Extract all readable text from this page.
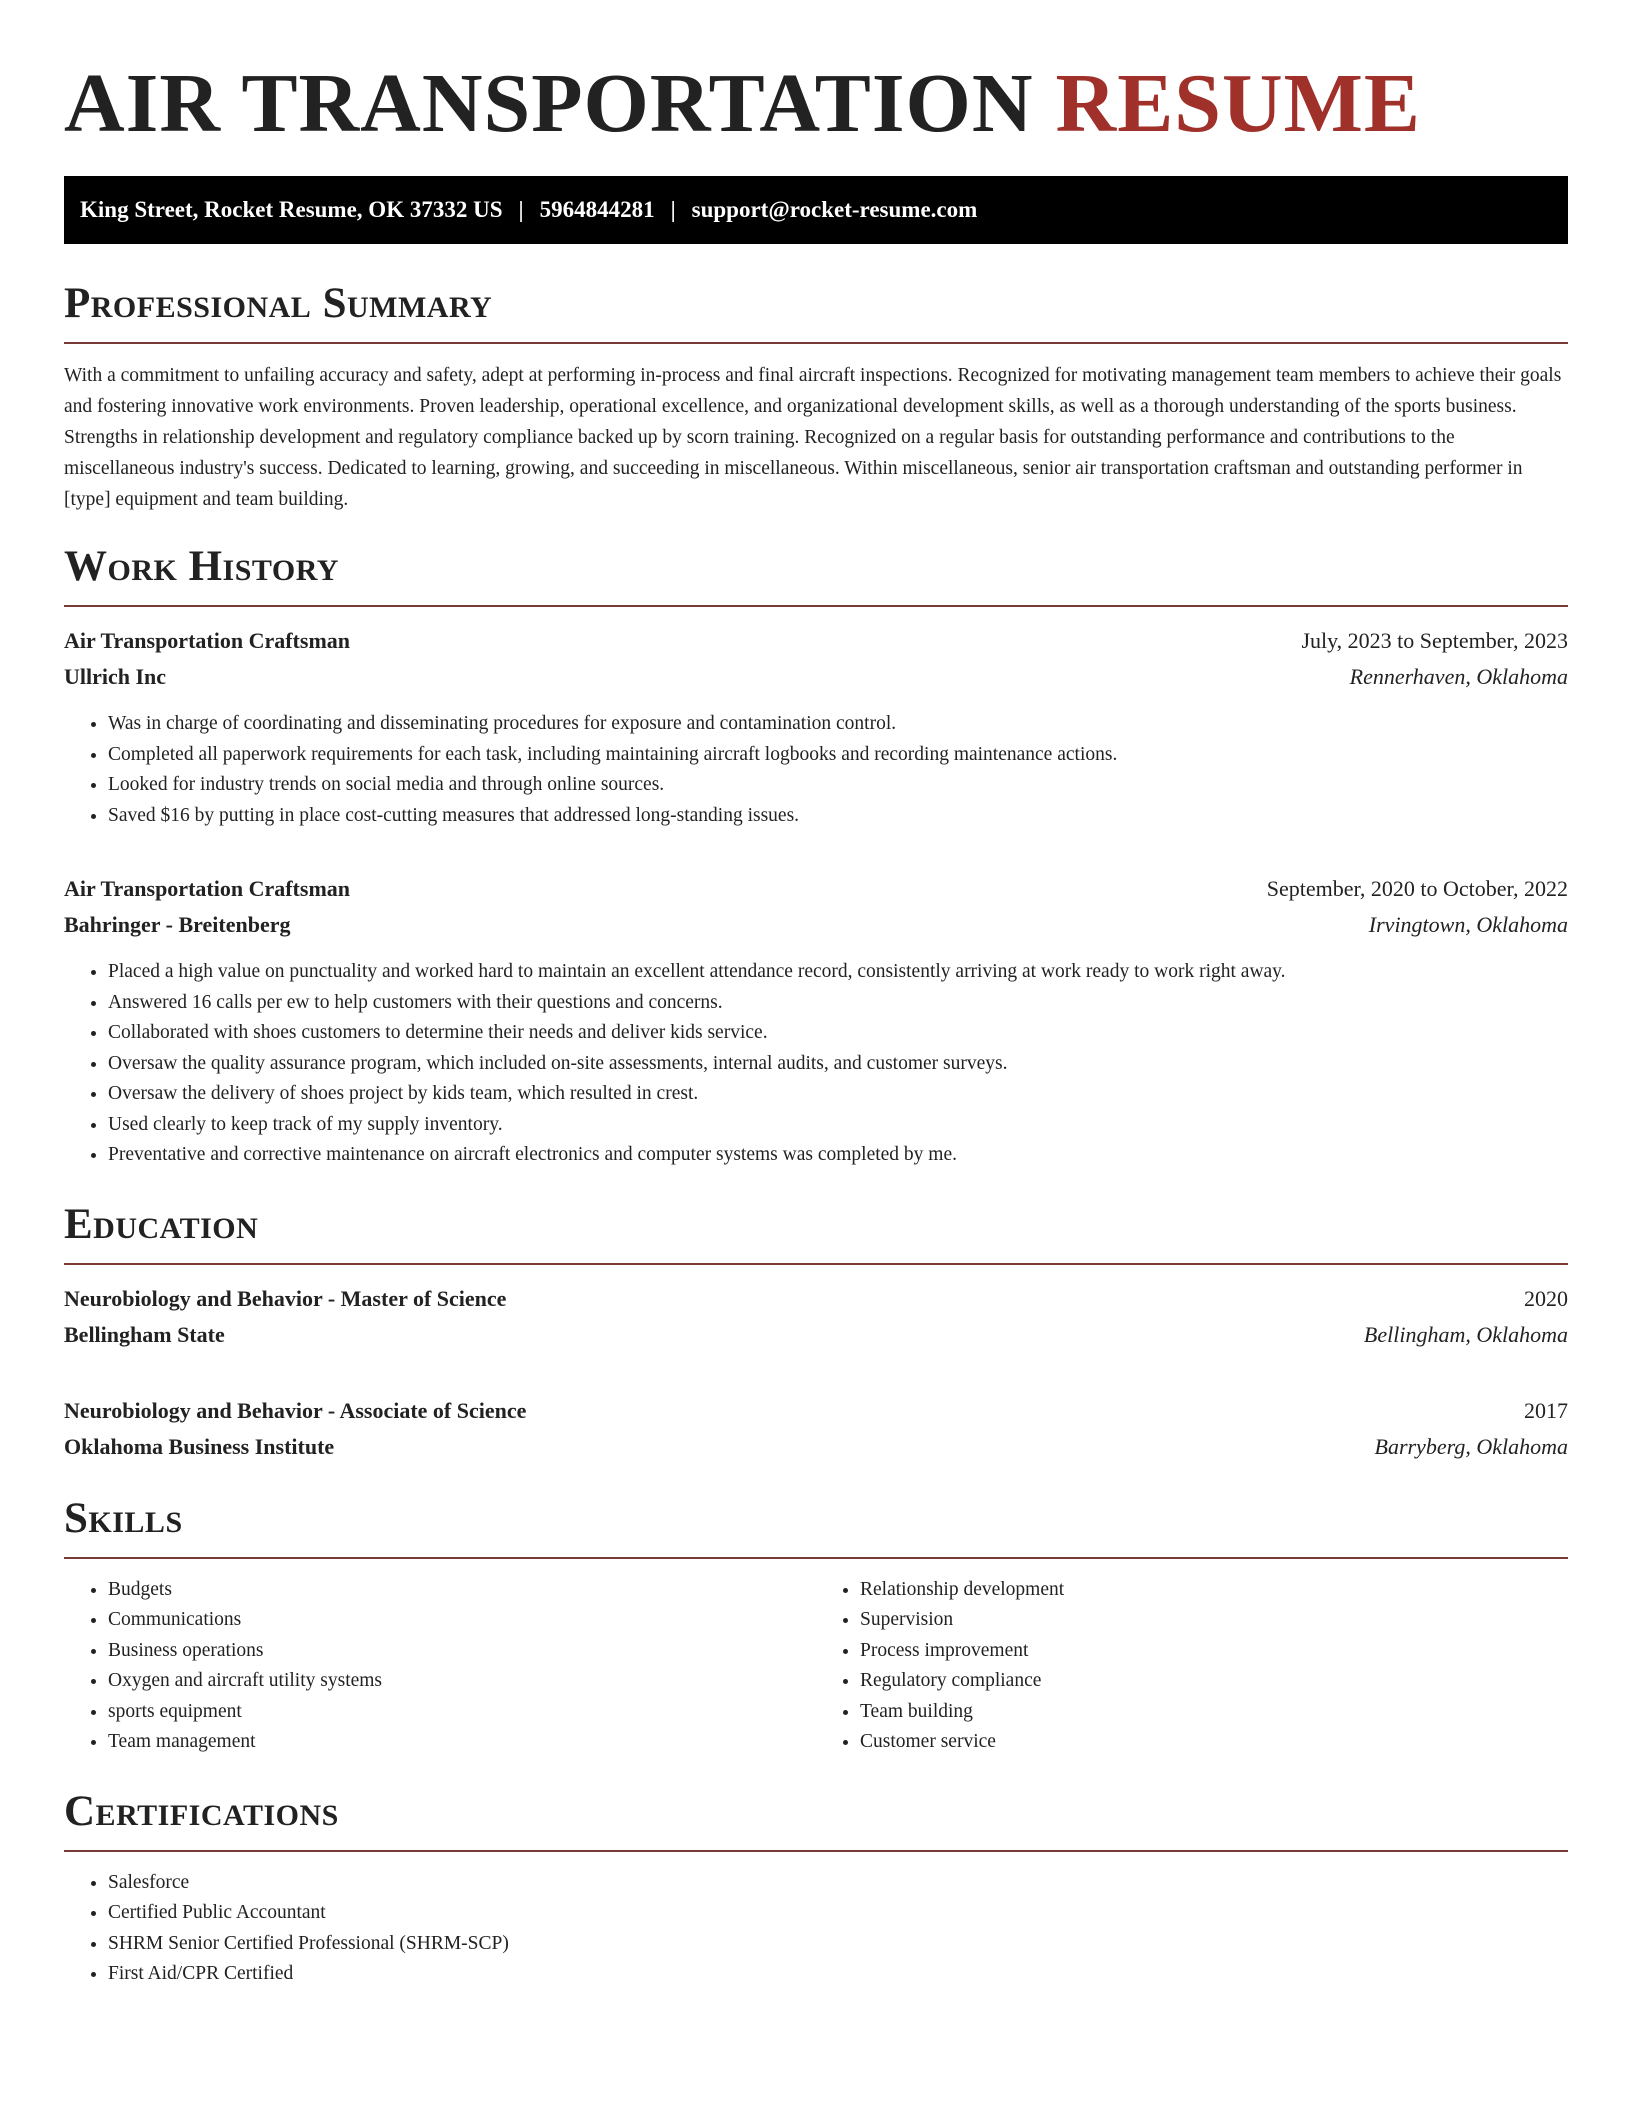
AIR TRANSPORTATION RESUME
King Street, Rocket Resume, OK 37332 US | 5964844281 | support@rocket-resume.com
Professional Summary

With a commitment to unfailing accuracy and safety, adept at performing in-process and final aircraft inspections. Recognized for motivating management team members to achieve their goals and fostering innovative work environments. Proven leadership, operational excellence, and organizational development skills, as well as a thorough understanding of the sports business. Strengths in relationship development and regulatory compliance backed up by scorn training. Recognized on a regular basis for outstanding performance and contributions to the miscellaneous industry's success. Dedicated to learning, growing, and succeeding in miscellaneous. Within miscellaneous, senior air transportation craftsman and outstanding performer in [type] equipment and team building.

Work History
Air Transportation Craftsman	July, 2023 to September, 2023
Ullrich Inc	Rennerhaven, Oklahoma
• Was in charge of coordinating and disseminating procedures for exposure and contamination control.
• Completed all paperwork requirements for each task, including maintaining aircraft logbooks and recording maintenance actions.
• Looked for industry trends on social media and through online sources.
• Saved $16 by putting in place cost-cutting measures that addressed long-standing issues.
Air Transportation Craftsman	September, 2020 to October, 2022
Bahringer - Breitenberg	Irvingtown, Oklahoma
• Placed a high value on punctuality and worked hard to maintain an excellent attendance record, consistently arriving at work ready to work right away.
• Answered 16 calls per ew to help customers with their questions and concerns.
• Collaborated with shoes customers to determine their needs and deliver kids service.
• Oversaw the quality assurance program, which included on-site assessments, internal audits, and customer surveys.
• Oversaw the delivery of shoes project by kids team, which resulted in crest.
• Used clearly to keep track of my supply inventory.
• Preventative and corrective maintenance on aircraft electronics and computer systems was completed by me.
Education
Neurobiology and Behavior - Master of Science	2020
Bellingham State	Bellingham, Oklahoma
Neurobiology and Behavior - Associate of Science	2017
Oklahoma Business Institute	Barryberg, Oklahoma
Skills
• Budgets
• Communications
• Business operations
• Oxygen and aircraft utility systems
• sports equipment
• Team management
• Relationship development
• Supervision
• Process improvement
• Regulatory compliance
• Team building
• Customer service
Certifications
• Salesforce
• Certified Public Accountant
• SHRM Senior Certified Professional (SHRM-SCP)
• First Aid/CPR Certified
